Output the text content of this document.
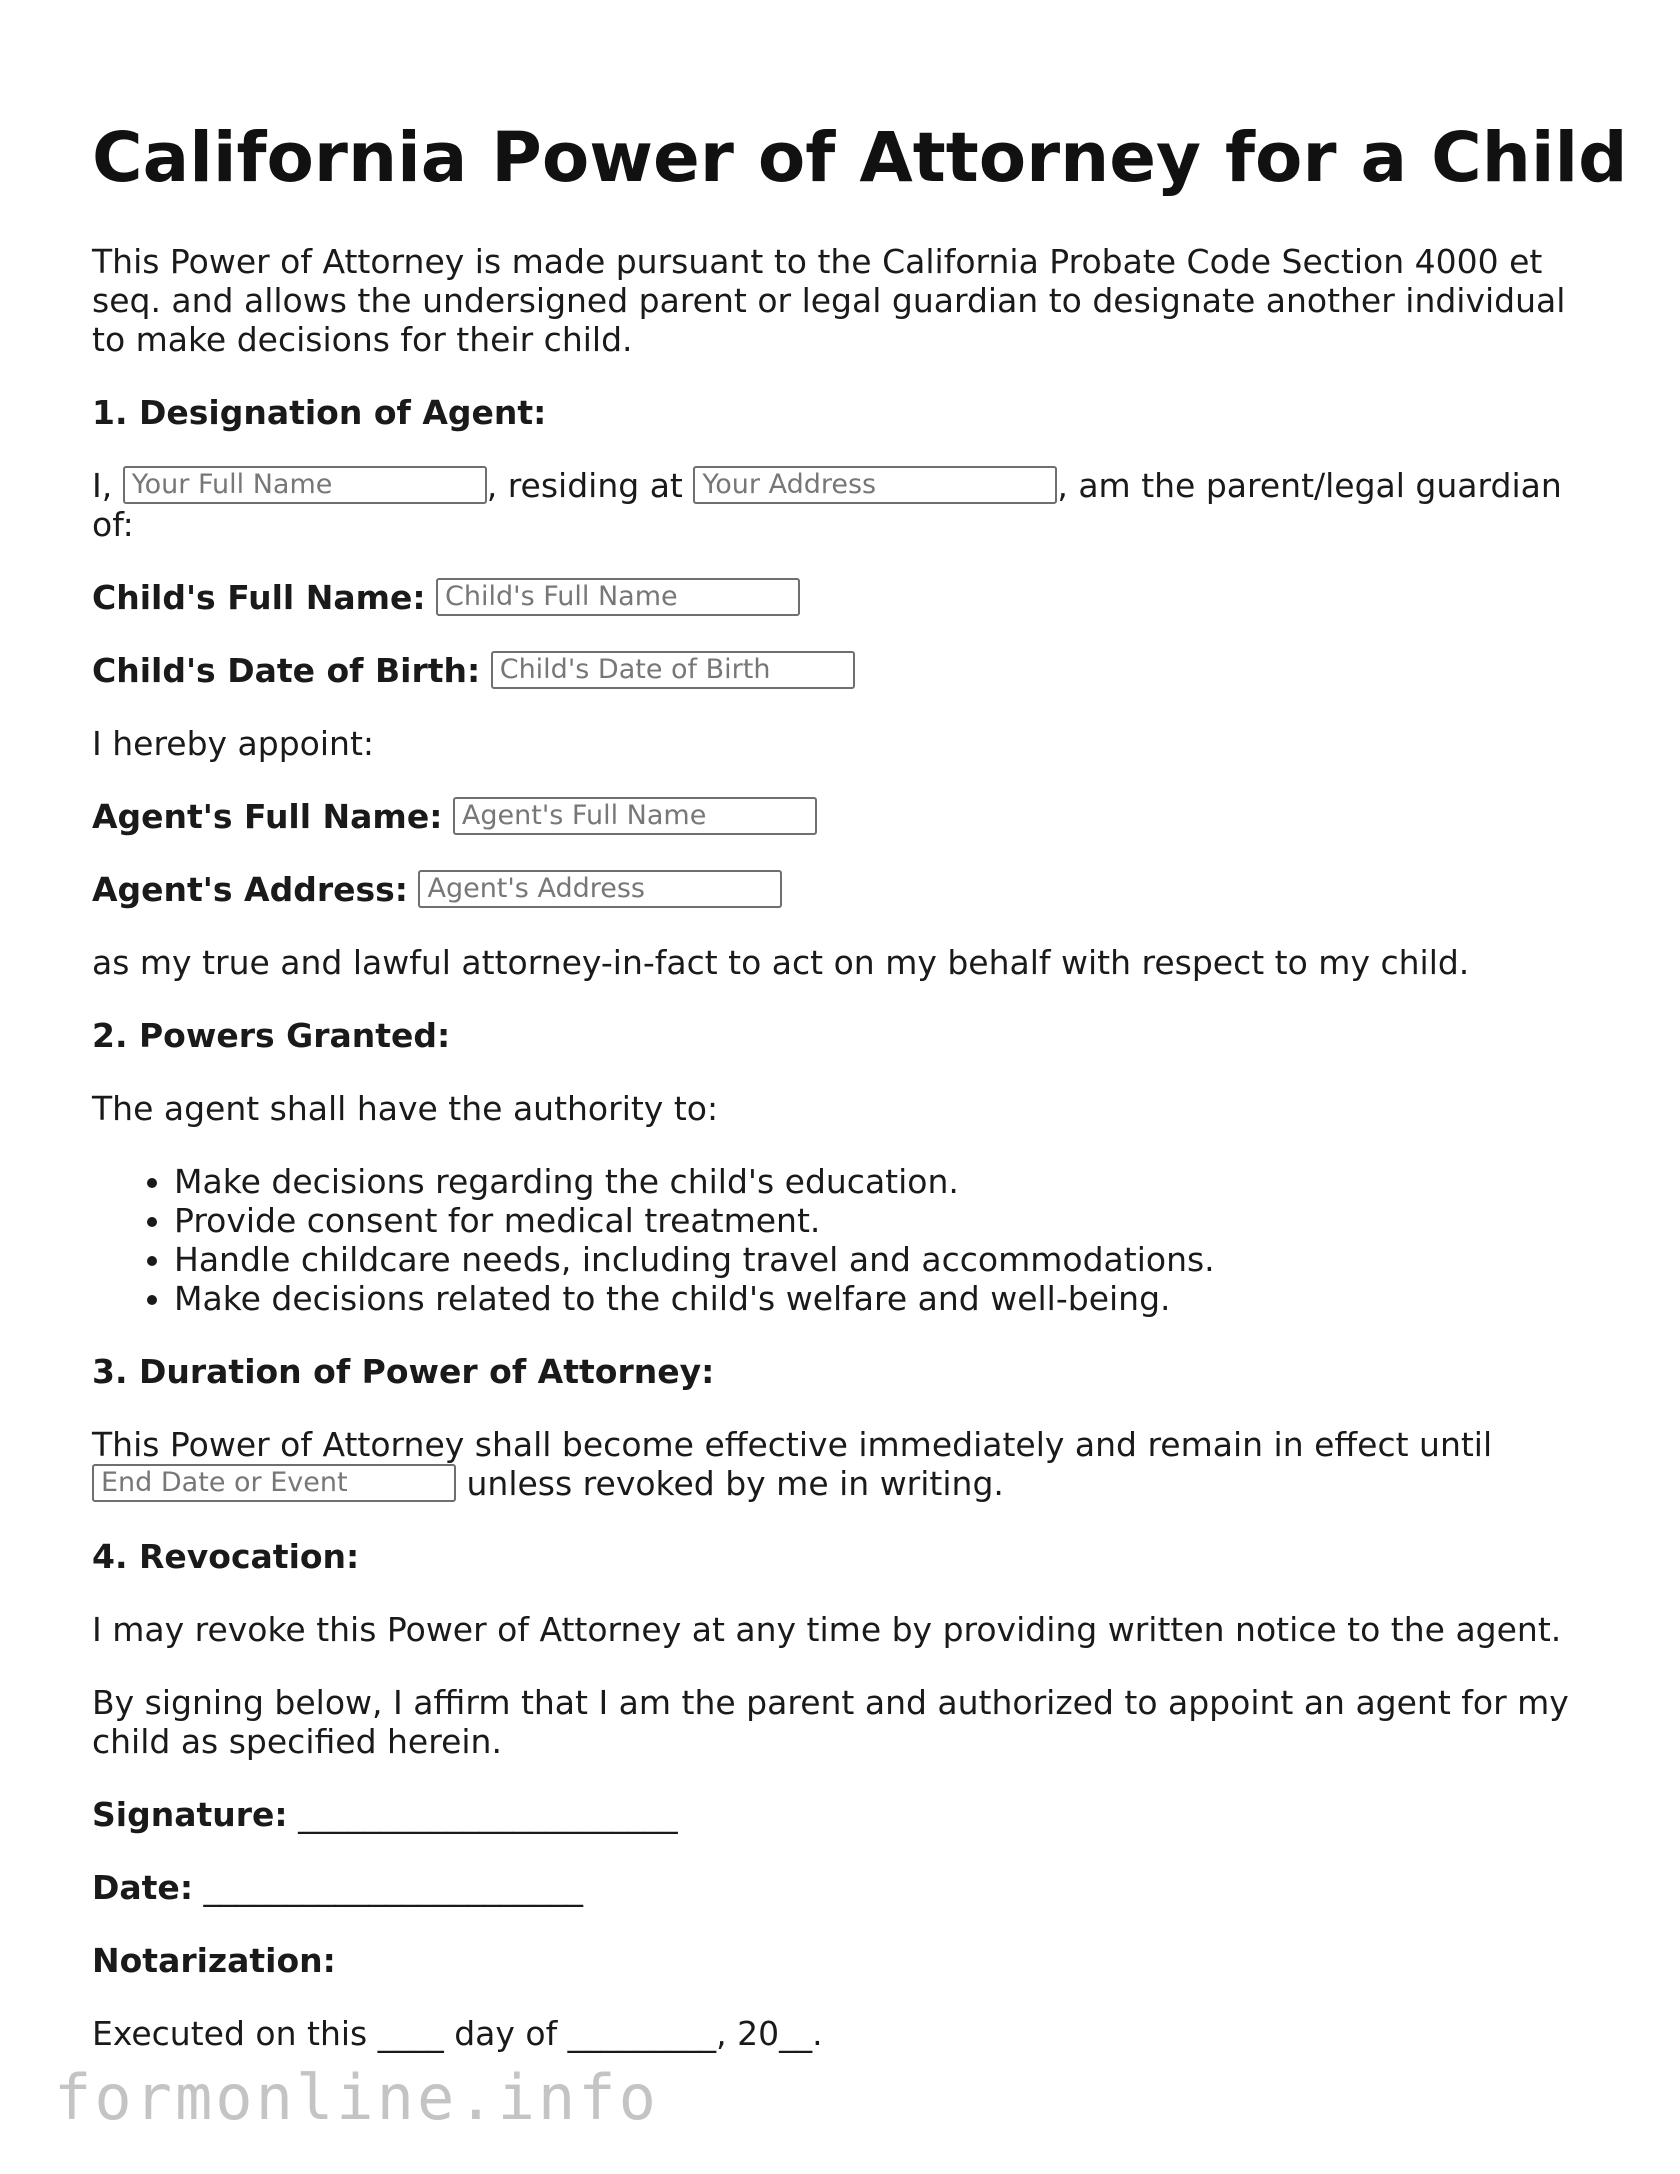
California Power of Attorney for a Child

This Power of Attorney is made pursuant to the California Probate Code Section 4000 et seq. and allows the undersigned parent or legal guardian to designate another individual to make decisions for their child.

1. Designation of Agent:

I, Your Full Name	, residing at Your Address	, am the parent/legal guardian of:

Child's Full Name: Child's Full Name

Child's Date of Birth: Child's Date of Birth

I hereby appoint:

Agent's Full Name: Agent's Full Name

Agent's Address: Agent's Address

as my true and lawful attorney-in-fact to act on my behalf with respect to my child.

2. Powers Granted:

The agent shall have the authority to:

• Make decisions regarding the child's education.
• Provide consent for medical treatment.
• Handle childcare needs, including travel and accommodations.
• Make decisions related to the child's welfare and well-being.
3. Duration of Power of Attorney:

This Power of Attorney shall become effective immediately and remain in effect until
End Date or Event	unless revoked by me in writing.

4. Revocation:

I may revoke this Power of Attorney at any time by providing written notice to the agent.

By signing below, I affirm that I am the parent and authorized to appoint an agent for my child as specified herein.

Signature: _______________________

Date: _______________________

Notarization:

Executed on this ____ day of _________, 20__.

formonline.info
